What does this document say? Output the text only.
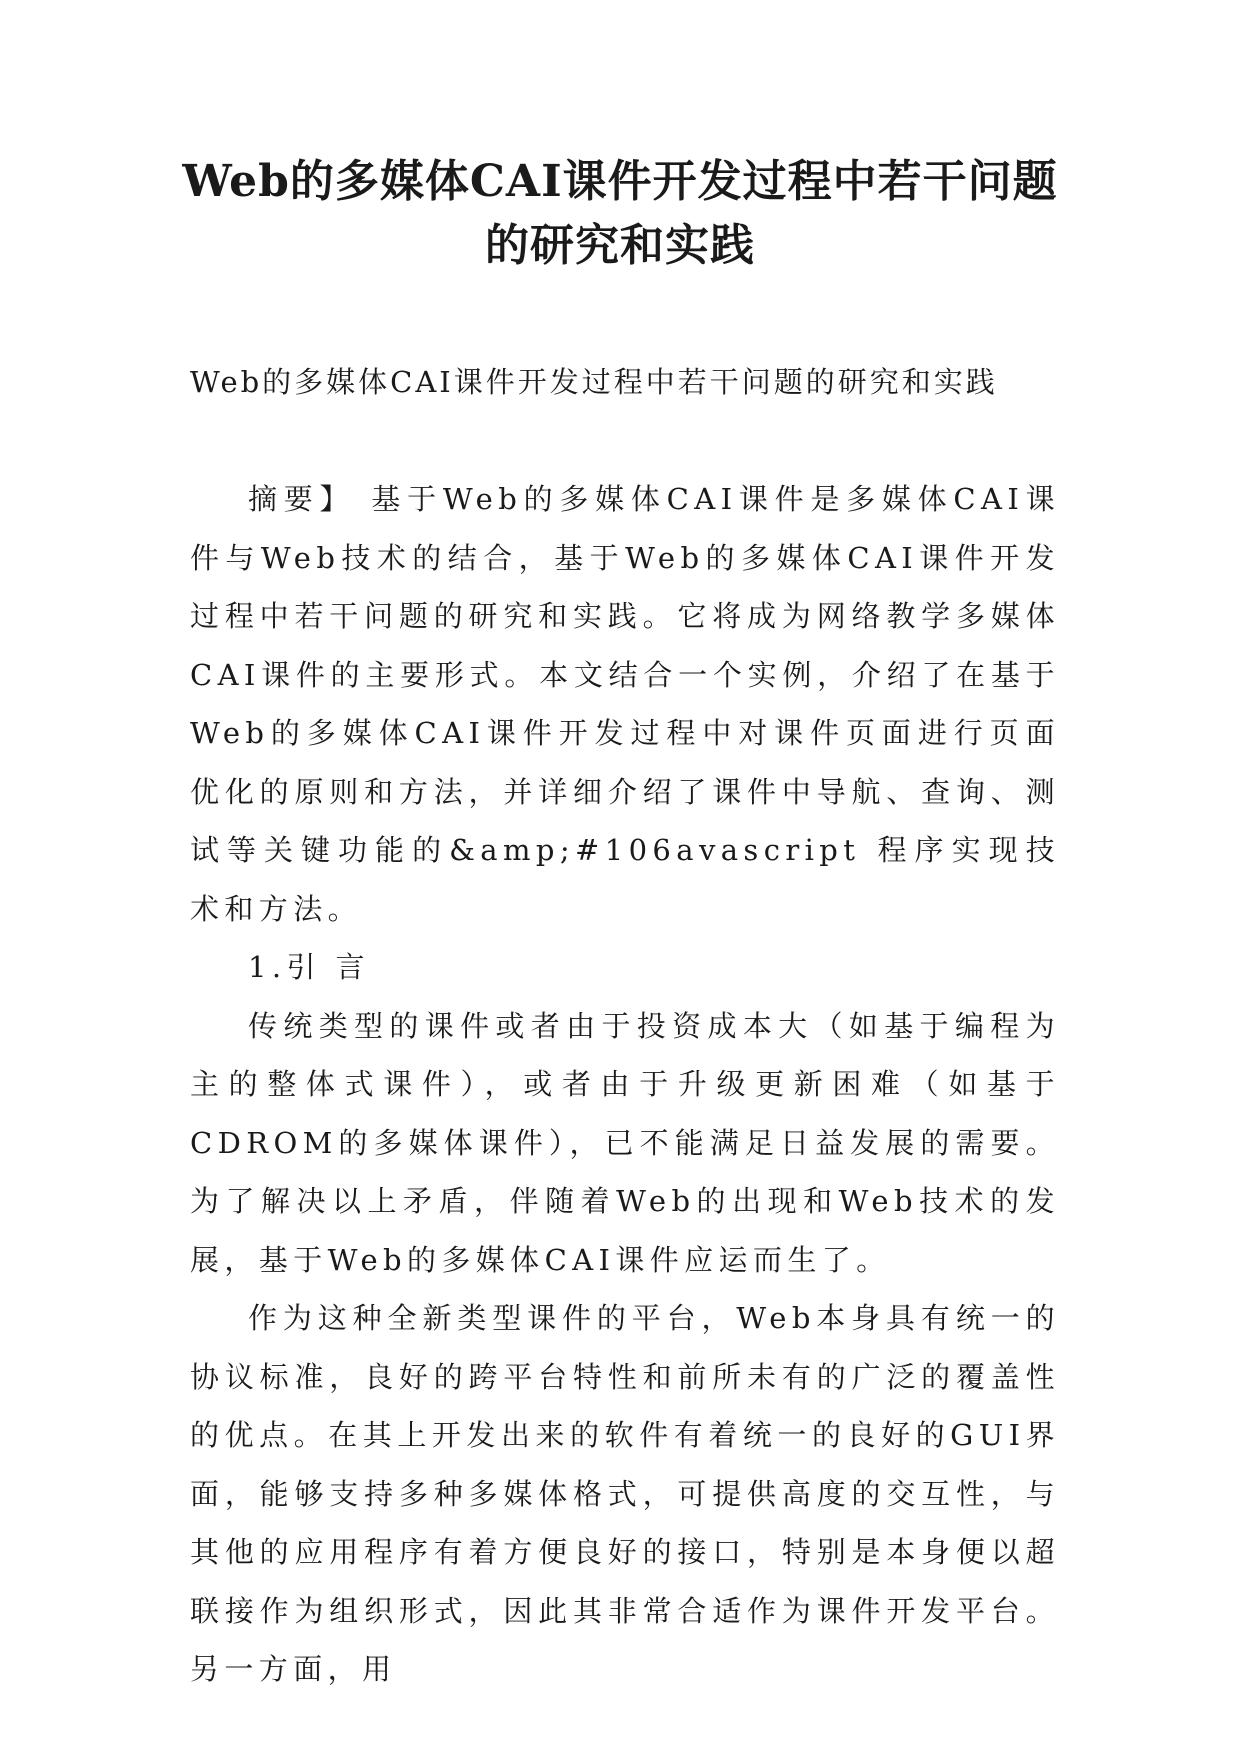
Web的多媒体CAI课件开发过程中若干问题的研究和实践

Web的多媒体CAI课件开发过程中若干问题的研究和实践

摘要】 基于Web的多媒体CAI课件是多媒体CAI课件与Web技术的结合，基于Web的多媒体CAI课件开发过程中若干问题的研究和实践。它将成为网络教学多媒体CAI课件的主要形式。本文结合一个实例，介绍了在基于Web的多媒体CAI课件开发过程中对课件页面进行页面优化的原则和方法，并详细介绍了课件中导航、查询、测试等关键功能的&amp;#106avascript 程序实现技术和方法。

1.引 言

传统类型的课件或者由于投资成本大（如基于编程为主的整体式课件），或者由于升级更新困难（如基于CDROM的多媒体课件），已不能满足日益发展的需要。为了解决以上矛盾，伴随着Web的出现和Web技术的发展，基于Web的多媒体CAI课件应运而生了。

作为这种全新类型课件的平台，Web本身具有统一的协议标准，良好的跨平台特性和前所未有的广泛的覆盖性的优点。在其上开发出来的软件有着统一的良好的GUI界面，能够支持多种多媒体格式，可提供高度的交互性，与其他的应用程序有着方便良好的接口，特别是本身便以超联接作为组织形式，因此其非常合适作为课件开发平台。另一方面，用
